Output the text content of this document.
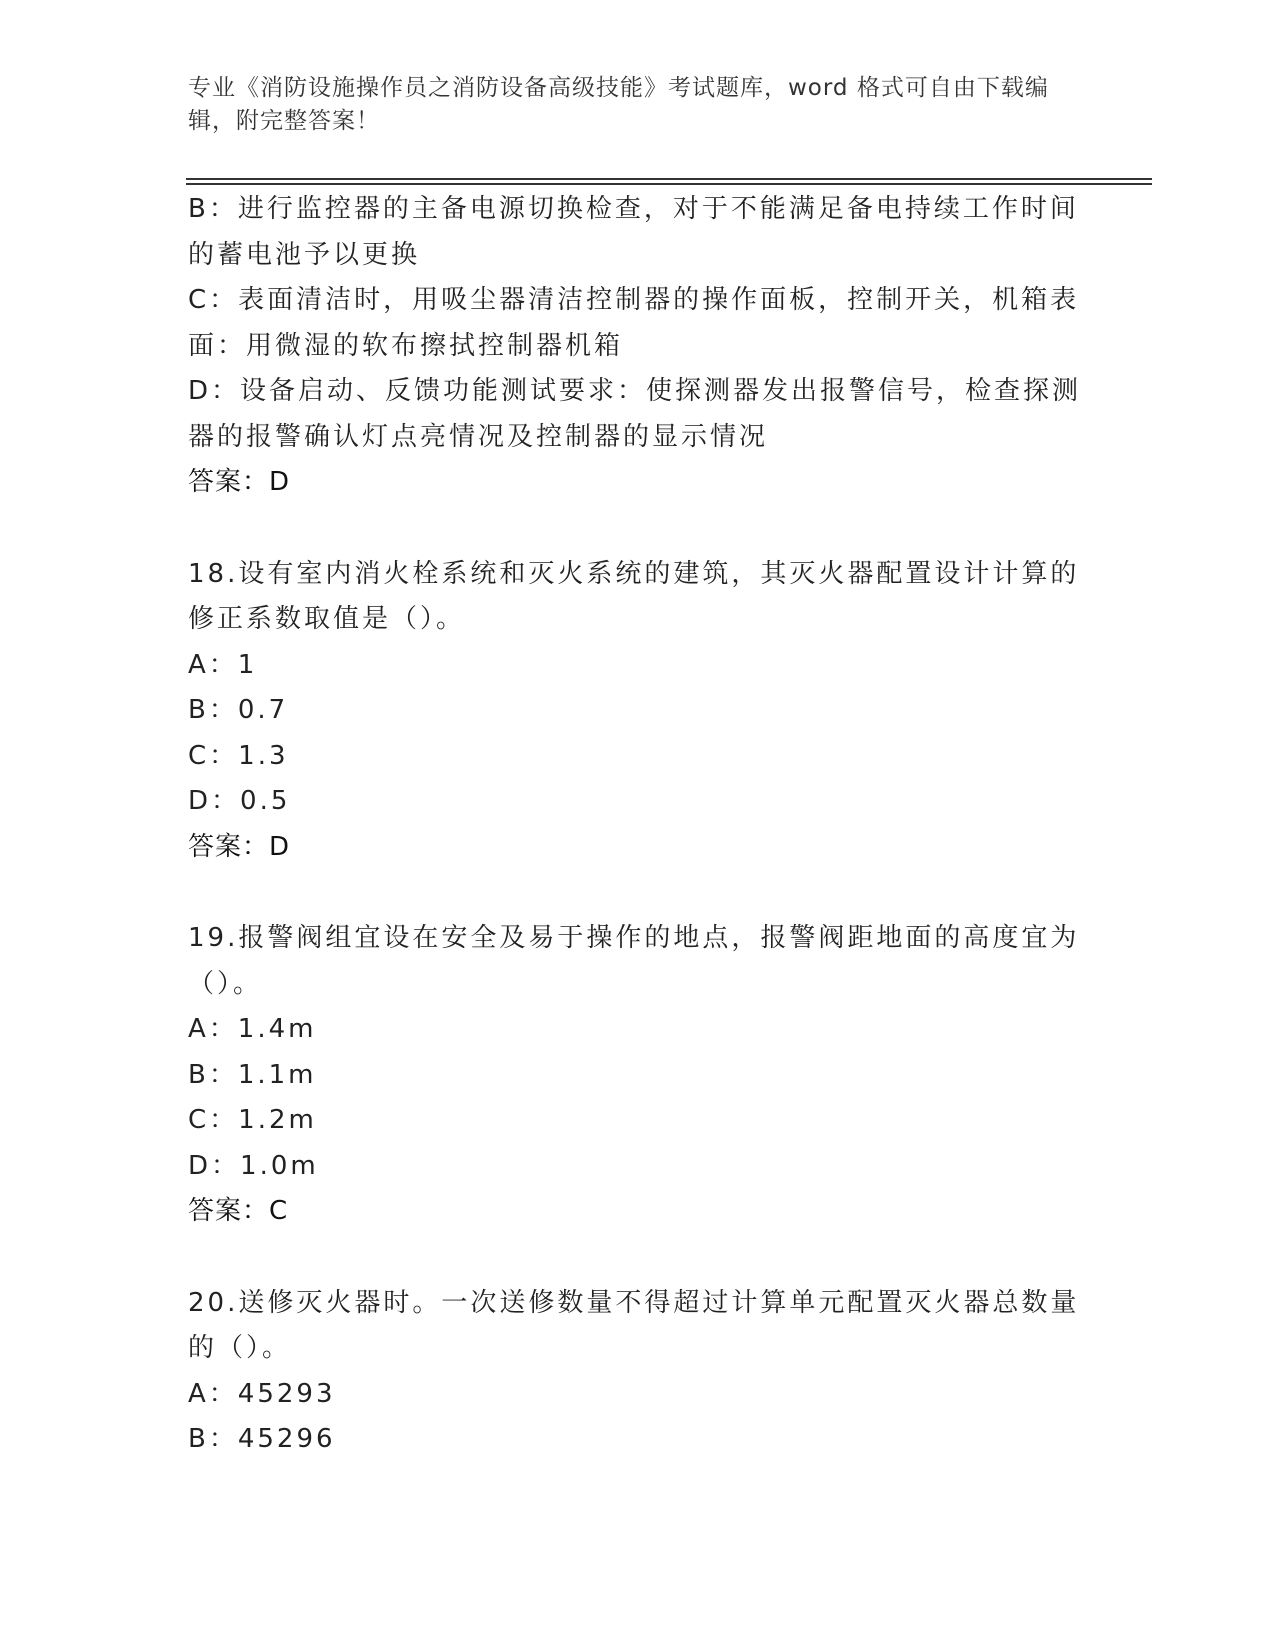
专业《消防设施操作员之消防设备高级技能》考试题库，word 格式可自由下载编
辑，附完整答案！
B：进行监控器的主备电源切换检查，对于不能满足备电持续工作时间
的蓄电池予以更换
C：表面清洁时，用吸尘器清洁控制器的操作面板，控制开关，机箱表
面：用微湿的软布擦拭控制器机箱
D：设备启动、反馈功能测试要求：使探测器发出报警信号，检查探测
器的报警确认灯点亮情况及控制器的显示情况
答案：D
18.设有室内消火栓系统和灭火系统的建筑，其灭火器配置设计计算的
修正系数取值是（）。
A：1
B：0.7
C：1.3
D：0.5
答案：D
19.报警阀组宜设在安全及易于操作的地点，报警阀距地面的高度宜为
（）。
A：1.4m
B：1.1m
C：1.2m
D：1.0m
答案：C
20.送修灭火器时。一次送修数量不得超过计算单元配置灭火器总数量
的（）。
A：45293
B：45296
